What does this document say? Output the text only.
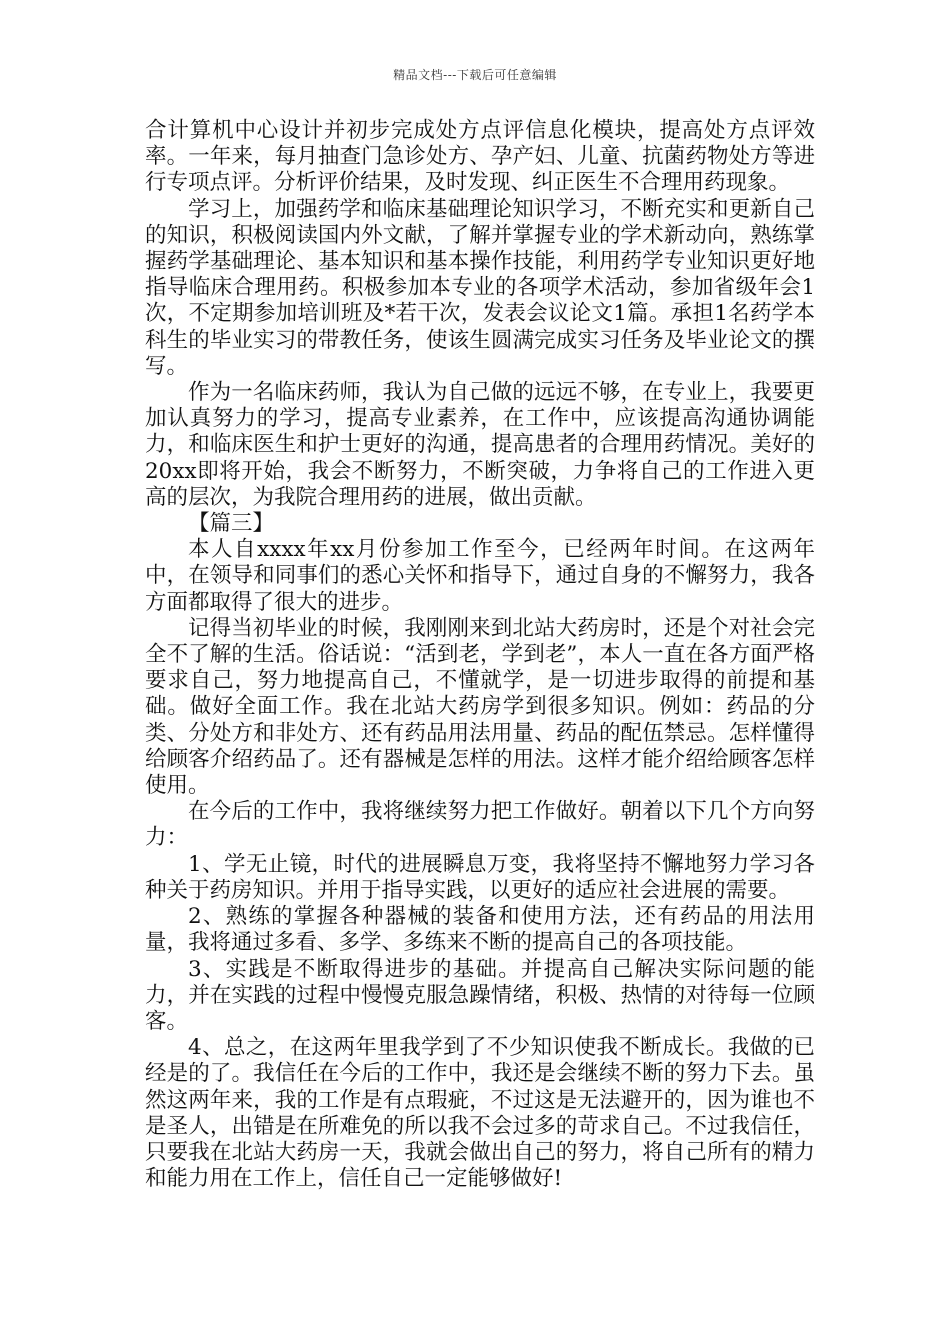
精品文档---下载后可任意编辑

合计算机中心设计并初步完成处方点评信息化模块，提高处方点评效率。一年来，每月抽查门急诊处方、孕产妇、儿童、抗菌药物处方等进行专项点评。分析评价结果，及时发现、纠正医生不合理用药现象。

学习上，加强药学和临床基础理论知识学习，不断充实和更新自己的知识，积极阅读国内外文献，了解并掌握专业的学术新动向，熟练掌握药学基础理论、基本知识和基本操作技能，利用药学专业知识更好地指导临床合理用药。积极参加本专业的各项学术活动，参加省级年会1次，不定期参加培训班及*若干次，发表会议论文1篇。承担1名药学本科生的毕业实习的带教任务，使该生圆满完成实习任务及毕业论文的撰写。

作为一名临床药师，我认为自己做的远远不够，在专业上，我要更加认真努力的学习，提高专业素养，在工作中，应该提高沟通协调能力，和临床医生和护士更好的沟通，提高患者的合理用药情况。美好的20xx即将开始，我会不断努力，不断突破，力争将自己的工作进入更高的层次，为我院合理用药的进展，做出贡献。

【篇三】

本人自xxxx年xx月份参加工作至今，已经两年时间。在这两年中，在领导和同事们的悉心关怀和指导下，通过自身的不懈努力，我各方面都取得了很大的进步。

记得当初毕业的时候，我刚刚来到北站大药房时，还是个对社会完全不了解的生活。俗话说：“活到老，学到老”，本人一直在各方面严格要求自己，努力地提高自己，不懂就学，是一切进步取得的前提和基础。做好全面工作。我在北站大药房学到很多知识。例如：药品的分类、分处方和非处方、还有药品用法用量、药品的配伍禁忌。怎样懂得给顾客介绍药品了。还有器械是怎样的用法。这样才能介绍给顾客怎样使用。

在今后的工作中，我将继续努力把工作做好。朝着以下几个方向努力：

1、学无止镜，时代的进展瞬息万变，我将坚持不懈地努力学习各种关于药房知识。并用于指导实践，以更好的适应社会进展的需要。

2、熟练的掌握各种器械的装备和使用方法，还有药品的用法用量，我将通过多看、多学、多练来不断的提高自己的各项技能。

3、实践是不断取得进步的基础。并提高自己解决实际问题的能力，并在实践的过程中慢慢克服急躁情绪，积极、热情的对待每一位顾客。

4、总之，在这两年里我学到了不少知识使我不断成长。我做的已经是的了。我信任在今后的工作中，我还是会继续不断的努力下去。虽然这两年来，我的工作是有点瑕疵，不过这是无法避开的，因为谁也不是圣人，出错是在所难免的所以我不会过多的苛求自己。不过我信任，只要我在北站大药房一天，我就会做出自己的努力，将自己所有的精力和能力用在工作上，信任自己一定能够做好!
